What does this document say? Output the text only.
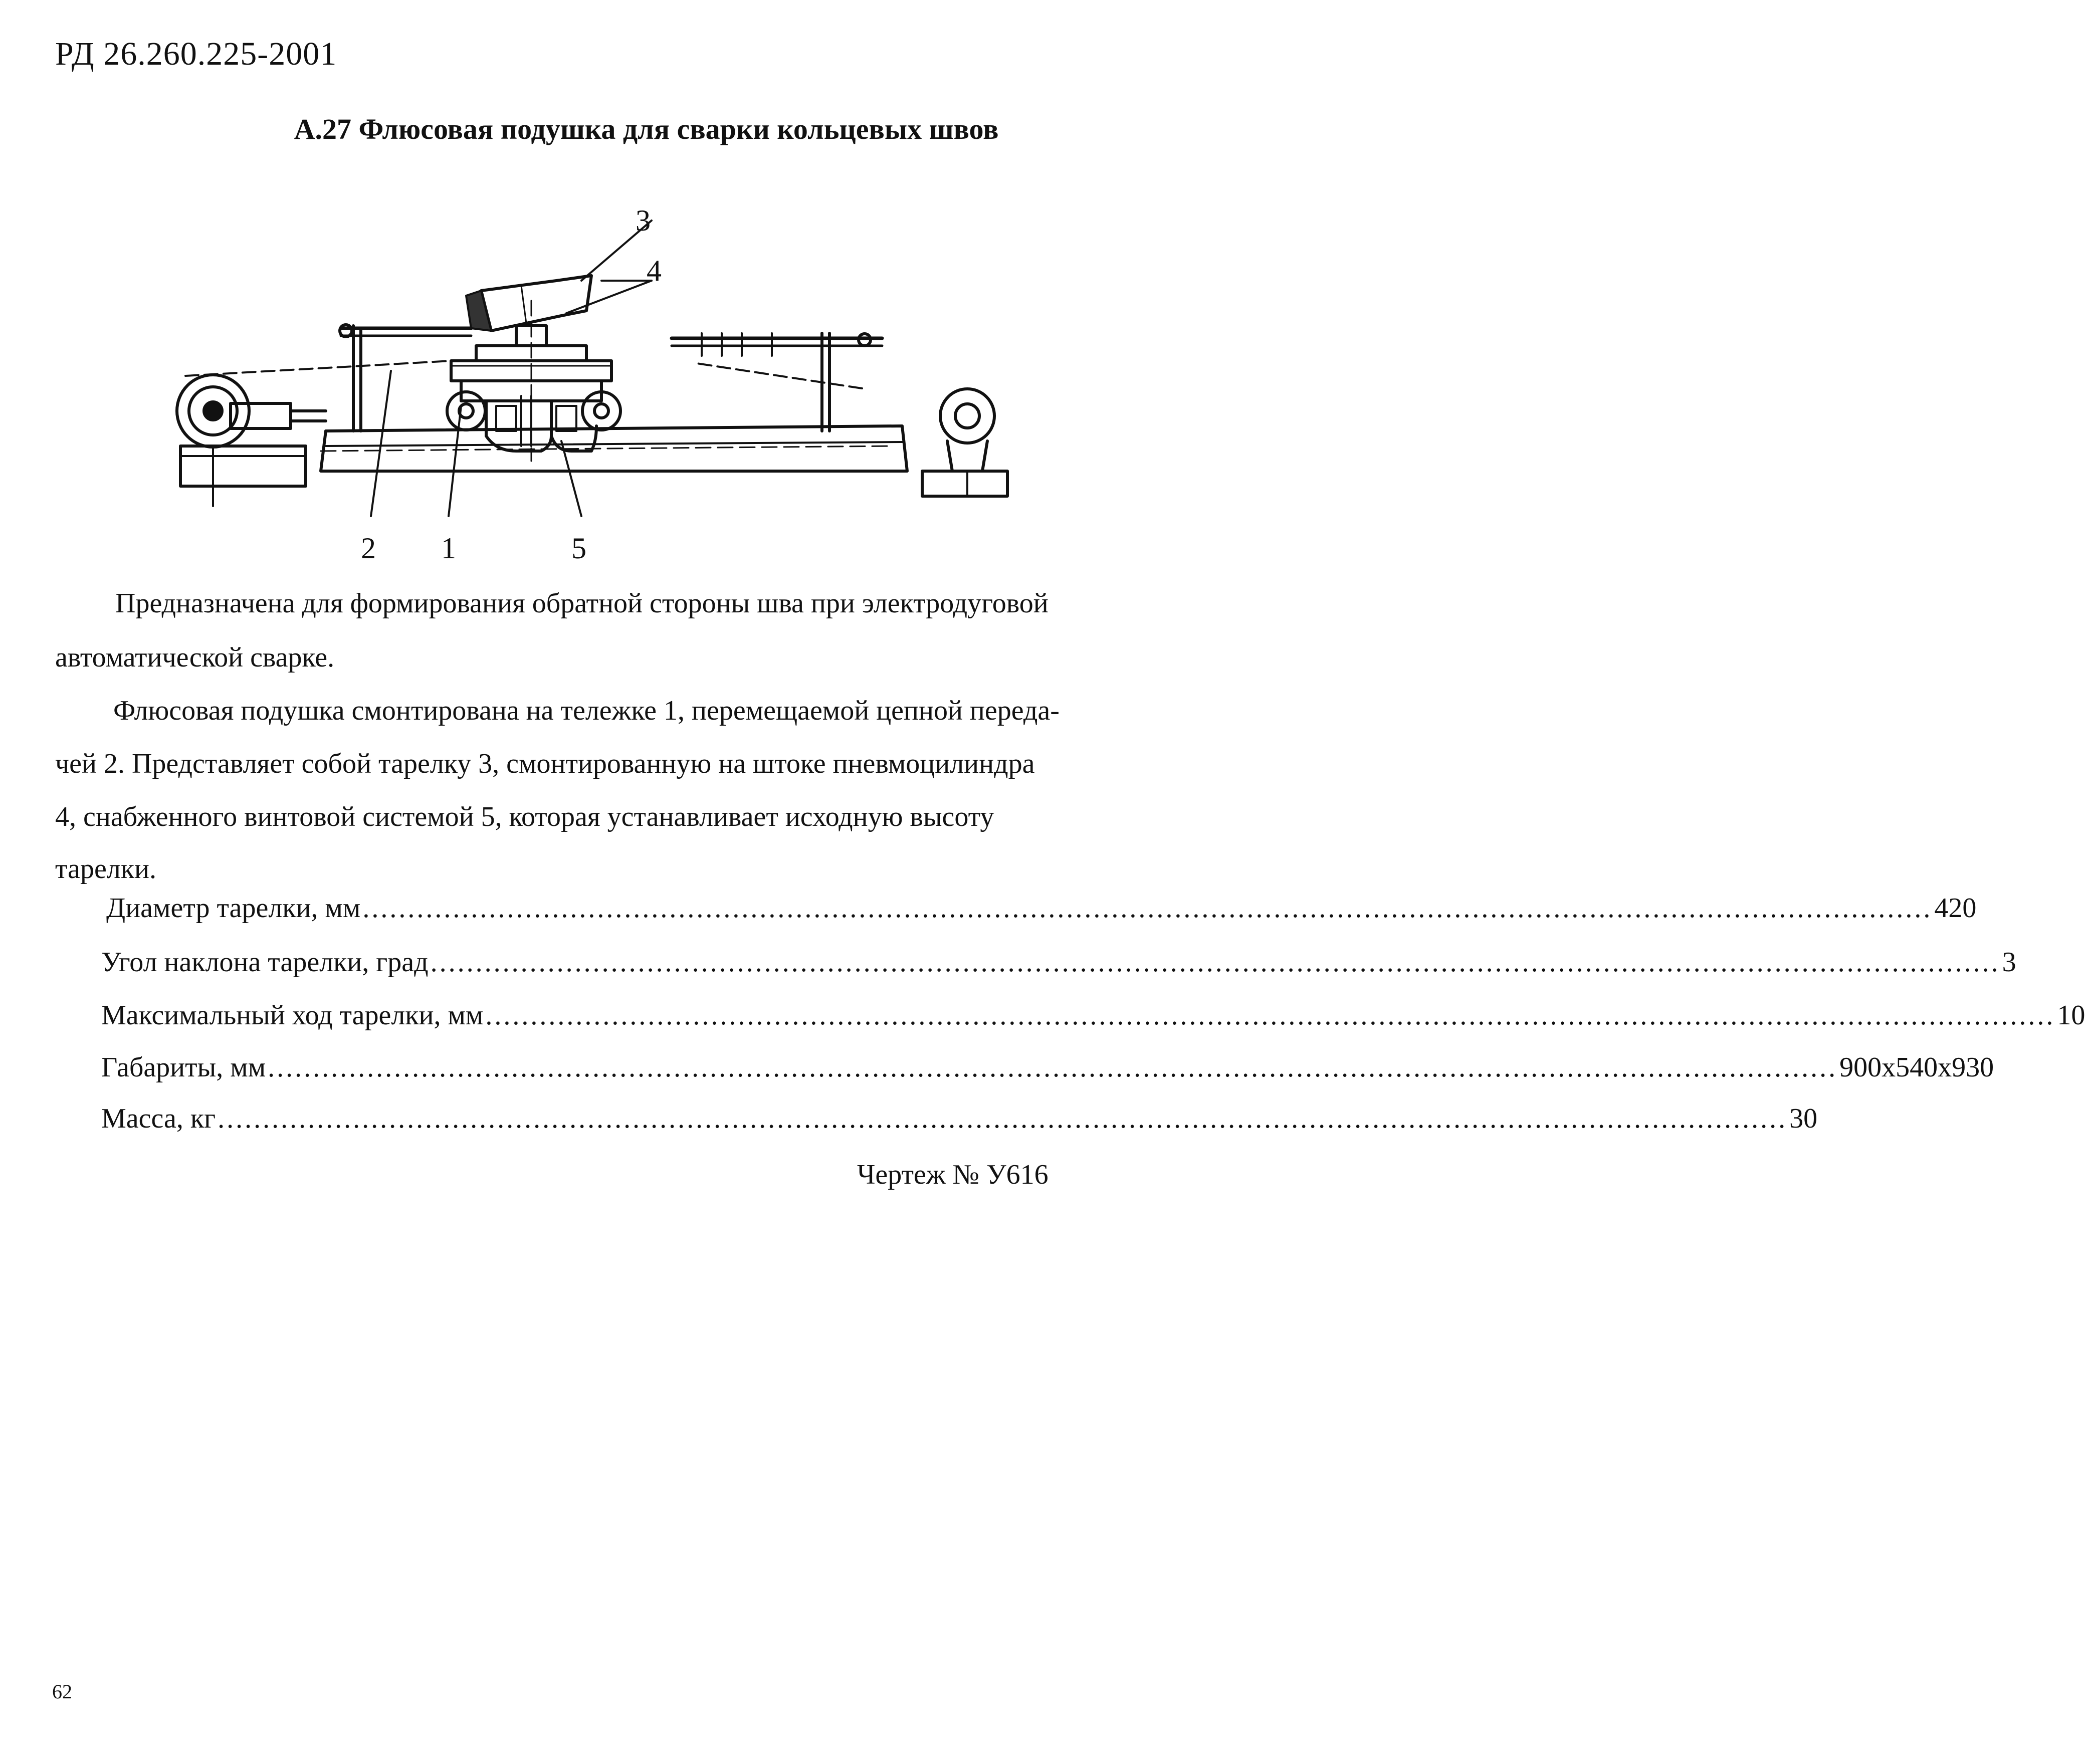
РД 26.260.225-2001
А.27 Флюсовая подушка для сварки кольцевых швов
3
4
2 1	5
Предназначена для формирования обратной стороны шва при электродуговой
автоматической сварке.
Флюсовая подушка смонтирована на тележке 1, перемещаемой цепной переда-
чей 2. Представляет собой тарелку 3, смонтированную на штоке пневмоцилиндра
4, снабженного винтовой системой 5, которая устанавливает исходную высоту
тарелки.
Диаметр тарелки, мм .............................................................................................................................................................................. 420
Угол наклона тарелки, град .............................................................................................................................................................................. 3
Максимальный ход тарелки, мм .............................................................................................................................................................................. 10
Габариты, мм .............................................................................................................................................................................. 900x540x930
Масса, кг .............................................................................................................................................................................. 30
Чертеж № У616
62
